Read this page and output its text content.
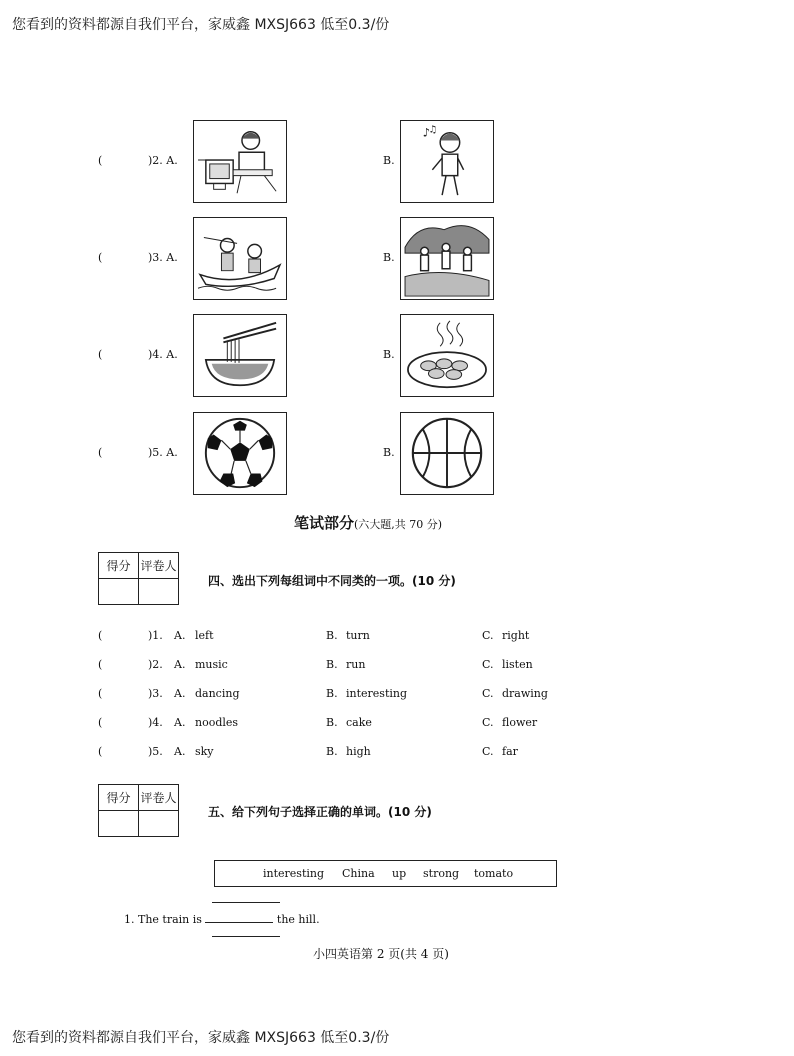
您看到的资料都源自我们平台，家威鑫 MXSJ663 低至0.3/份
(	)2. A.	B.
♪
♫
(	)3. A.	B.
(	)4. A.	B.
(	)5. A.	B.
笔试部分(六大题,共 70 分)
得分	评卷人

四、选出下列每组词中不同类的一项。(10 分)
(	)1. A. left	B. turn	C. right
(	)2. A. music	B. run	C. listen
(	)3. A. dancing	B. interesting	C. drawing
(	)4. A. noodles	B. cake	C. flower
(	)5. A. sky	B. high	C. far
得分	评卷人

五、给下列句子选择正确的单词。(10 分)
interesting China up strong tomato
1. The train is	the hill.
小四英语第 2 页(共 4 页)
您看到的资料都源自我们平台，家威鑫 MXSJ663 低至0.3/份
